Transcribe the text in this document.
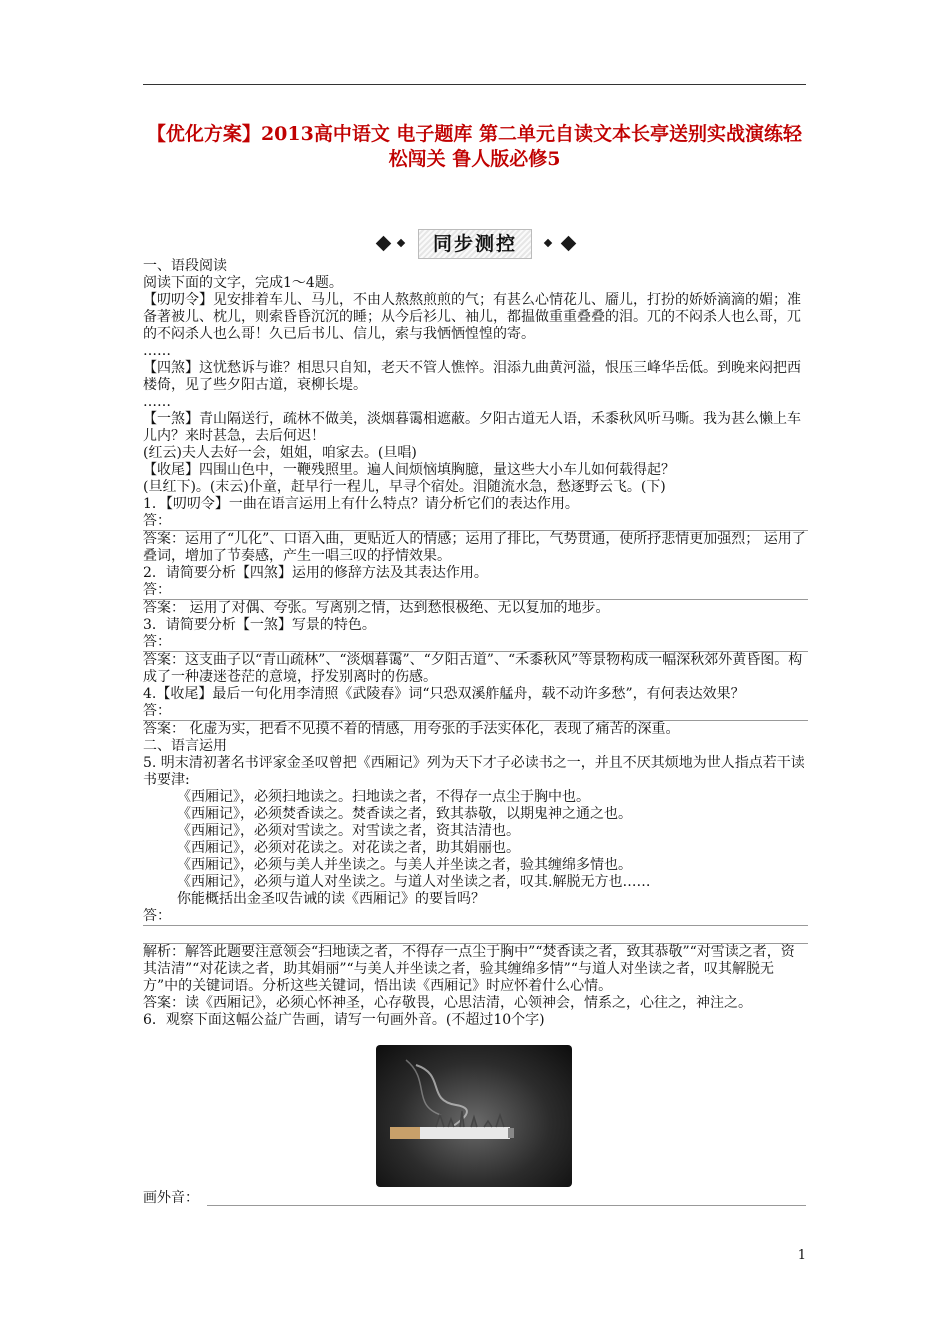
【优化方案】2013高中语文 电子题库 第二单元自读文本长亭送别实战演练轻松闯关 鲁人版必修5
同步测控

一、语段阅读

阅读下面的文字，完成1～4题。

【叨叨令】见安排着车儿、马儿，不由人熬熬煎煎的气；有甚么心情花儿、靥儿，打扮的娇娇滴滴的媚；准备著被儿、枕儿，则索昏昏沉沉的睡；从今后衫儿、袖儿，都揾做重重叠叠的泪。兀的不闷杀人也么哥，兀的不闷杀人也么哥！久已后书儿、信儿，索与我恓恓惶惶的寄。

……

【四煞】这忧愁诉与谁？相思只自知，老天不管人憔悴。泪添九曲黄河溢，恨压三峰华岳低。到晚来闷把西楼倚，见了些夕阳古道，衰柳长堤。

……

【一煞】青山隔送行，疏林不做美，淡烟暮霭相遮蔽。夕阳古道无人语，禾黍秋风听马嘶。我为甚么懒上车儿内？来时甚急，去后何迟！

(红云)夫人去好一会，姐姐，咱家去。(旦唱)

【收尾】四围山色中，一鞭残照里。遍人间烦恼填胸臆，量这些大小车儿如何载得起？

(旦红下)。(末云)仆童，赶早行一程儿，早寻个宿处。泪随流水急，愁逐野云飞。(下)

1．【叨叨令】一曲在语言运用上有什么特点？请分析它们的表达作用。

答：

答案：运用了“儿化”、口语入曲，更贴近人的情感；运用了排比，气势贯通，使所抒悲情更加强烈； 运用了叠词，增加了节奏感，产生一唱三叹的抒情效果。

2．请简要分析【四煞】运用的修辞方法及其表达作用。

答：

答案： 运用了对偶、夸张。写离别之情，达到愁恨极绝、无以复加的地步。

3．请简要分析【一煞】写景的特色。

答：

答案：这支曲子以“青山疏林”、“淡烟暮霭”、“夕阳古道”、“禾黍秋风”等景物构成一幅深秋郊外黄昏图。构成了一种凄迷苍茫的意境，抒发别离时的伤感。

4.【收尾】最后一句化用李清照《武陵春》词“只恐双溪舴艋舟，载不动许多愁”，有何表达效果？

答：

答案： 化虚为实，把看不见摸不着的情感，用夸张的手法实体化，表现了痛苦的深重。

二、语言运用

5. 明末清初著名书评家金圣叹曾把《西厢记》列为天下才子必读书之一，并且不厌其烦地为世人指点若干读书要津:

《西厢记》，必须扫地读之。扫地读之者，不得存一点尘于胸中也。

《西厢记》，必须焚香读之。焚香读之者，致其恭敬，以期鬼神之通之也。

《西厢记》，必须对雪读之。对雪读之者，资其洁清也。

《西厢记》，必须对花读之。对花读之者，助其娟丽也。

《西厢记》，必须与美人并坐读之。与美人并坐读之者，验其缠绵多情也。

《西厢记》，必须与道人对坐读之。与道人对坐读之者，叹其.解脱无方也……

你能概括出金圣叹告诫的读《西厢记》的要旨吗？

答：

解析：解答此题要注意领会“扫地读之者，不得存一点尘于胸中”“焚香读之者，致其恭敬”“对雪读之者，资其洁清”“对花读之者，助其娟丽”“与美人并坐读之者，验其缠绵多情”“与道人对坐读之者，叹其解脱无方”中的关键词语。分析这些关键词，悟出读《西厢记》时应怀着什么心情。

答案：读《西厢记》，必须心怀神圣，心存敬畏，心思洁清，心领神会，情系之，心往之，神注之。

6．观察下面这幅公益广告画，请写一句画外音。(不超过10个字)

画外音：
1
